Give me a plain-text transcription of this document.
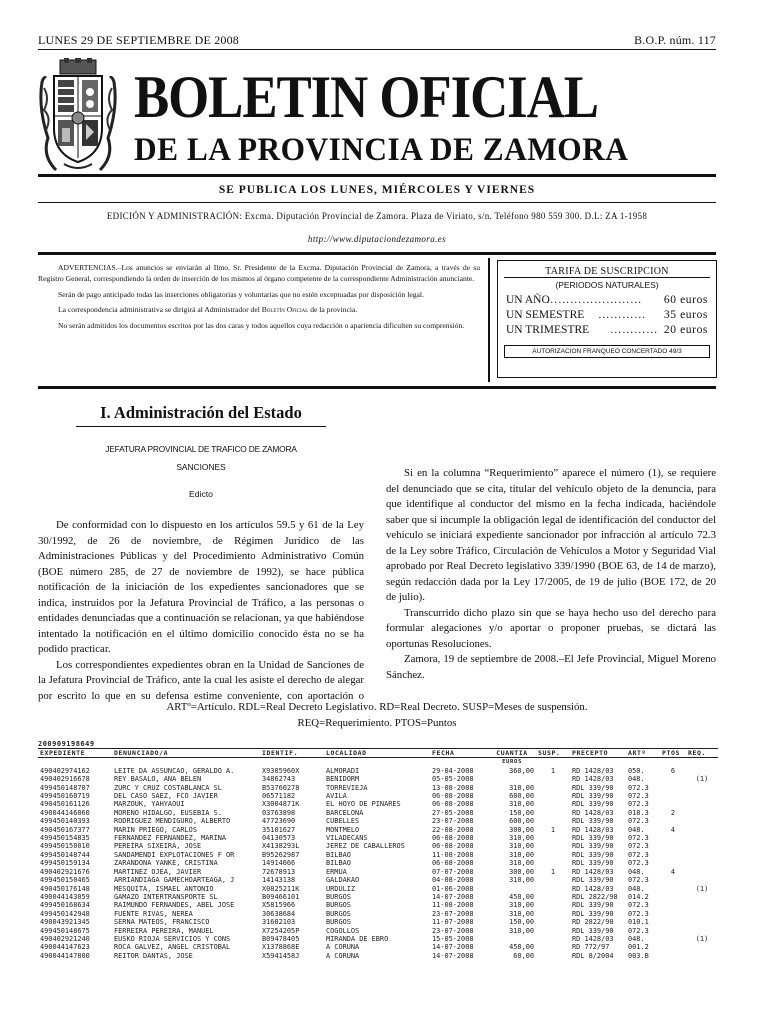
LUNES 29 DE SEPTIEMBRE DE 2008	B.O.P. núm. 117
BOLETIN OFICIAL
DE LA PROVINCIA DE ZAMORA
SE PUBLICA LOS LUNES, MIÉRCOLES Y VIERNES
EDICIÓN Y ADMINISTRACIÓN: Excma. Diputación Provincial de Zamora. Plaza de Viriato, s/n. Teléfono 980 559 300. D.L: ZA 1-1958
http://www.diputaciondezamora.es

ADVERTENCIAS.–Los anuncios se enviarán al Ilmo. Sr. Presidente de la Excma. Diputación Provincial de Zamora, a través de su Registro General, correspondiendo la orden de inserción de los mismos al órgano competente de la correspondiente Administración anunciante.

Serán de pago anticipado todas las inserciones obligatorias y voluntarias que no estén exceptuadas por disposición legal.

La correspondencia administrativa se dirigirá al Administrador del Boletín Oficial de la provincia.

No serán admitidos los documentos escritos por las dos caras y todos aquellos cuya redacción o apariencia dificulten su comprensión.

TARIFA DE SUSCRIPCION
(PERIODOS NATURALES)
UN AÑO
…………………… 60 euros
UN SEMESTRE ………… 35 euros
UN TRIMESTRE ………… 20 euros
AUTORIZACION FRANQUEO CONCERTADO 49/3
I. Administración del Estado
JEFATURA PROVINCIAL DE TRAFICO DE ZAMORA
SANCIONES
Edicto

De conformidad con lo dispuesto en los artículos 59.5 y 61 de la Ley 30/1992, de 26 de noviembre, de Régimen Jurídico de las Administraciones Públicas y del Procedimiento Administrativo Común (BOE número 285, de 27 de noviembre de 1992), se hace pública notificación de la iniciación de los expedientes sancionadores que se indica, instruidos por la Jefatura Provincial de Tráfico, a las personas o entidades denunciadas que a continuación se relacionan, ya que habiéndose intentado la notificación en el último domicilio conocido ésta no se ha podido practicar.

Los correspondientes expedientes obran en la Unidad de Sanciones de la Jefatura Provincial de Tráfico, ante la cual les asiste el derecho de alegar por escrito lo que en su defensa estime conveniente, con aportación o

Si en la columna “Requerimiento” aparece el número (1), se requiere del denunciado que se cita, titular del vehículo objeto de la denuncia, para que identifique al conductor del mismo en la fecha indicada, haciéndole saber que si incumple la obligación legal de identificación del conductor del vehículo se iniciará expediente sancionador por infracción al artículo 72.3 de la Ley sobre Tráfico, Circulación de Vehículos a Motor y Seguridad Vial aprobado por Real Decreto legislativo 339/1990 (BOE 63, de 14 de marzo), según redacción dada por la Ley 17/2005, de 19 de julio (BOE 172, de 20 de julio).

Transcurrido dicho plazo sin que se haya hecho uso del derecho para formular alegaciones y/o aportar o proponer pruebas, se dictará las oportunas Resoluciones.

Zamora, 19 de septiembre de 2008.–El Jefe Provincial, Miguel Moreno Sánchez.

ARTº=Artículo. RDL=Real Decreto Legislativo. RD=Real Decreto. SUSP=Meses de suspensión.
REQ=Requerimiento. PTOS=Puntos
200909198649
EXPEDIENTE	DENUNCIADO/A	IDENTIF.	LOCALIDAD	FECHA	CUANTIA	SUSP.	PRECEPTO	ARTº	PTOS	REQ.
					EUROS					
490402974162	LEITE DA ASSUNCAO, GERALDO A.	X9305960X	ALMORADI	29-04-2008	360,00	1	RD 1428/03	050.	6	
490402916678	REY BASALO, ANA BELEN	34862743	BENIDORM	05-05-2008			RD 1428/03	048.		(1)
499450148707	ZURC Y CRUZ COSTABLANCA SL	B53760278	TORREVIEJA	13-08-2008	310,00		RDL 339/90	072.3		
499450160719	DEL CASO SAEZ, FCO JAVIER	06571182	AVILA	06-08-2008	600,00		RDL 339/90	072.3		
490450161126	MARZOUK, YAHYAOUI	X3004871K	EL HOYO DE PINARES	06-08-2008	310,00		RDL 339/90	072.3		
490044146060	MORENO HIDALGO, EUSEBIA S.	03763898	BARCELONA	27-05-2008	150,00		RD 1428/03	018.3	2	
499450140393	RODRIGUEZ MENDIGURO, ALBERTO	47723690	CUBELLES	23-07-2008	600,00		RDL 339/90	072.3		
490450167377	MARIN PRIEGO, CARLOS	35101627	MONTMELO	22-08-2008	300,00	1	RD 1428/03	048.	4	
499450154835	FERNANDEZ FERNANDEZ, MARINA	04130573	VILADECANS	06-08-2008	310,00		RDL 339/90	072.3		
499450150010	PEREIRA SIXEIRA, JOSE	X4138293L	JEREZ DE CABALLEROS	06-08-2008	310,00		RDL 339/90	072.3		
499450148744	SANDAMENDI EXPLOTACIONES F OR	B95262987	BILBAO	11-08-2008	310,00		RDL 339/90	072.3		
499450159134	ZARANDONA YANKE, CRISTINA	14914666	BILBAO	06-08-2008	310,00		RDL 339/90	072.3		
490402921676	MARTINEZ OJEA, JAVIER	72678913	ERMUA	07-07-2008	300,00	1	RD 1428/03	048.	4	
499450150465	ARRIANDIAGA GAMECHOARTEAGA, J	14143138	GALDAKAO	04-08-2008	310,00		RDL 339/90	072.3		
490450176148	MESQUITA, ISMAEL ANTONIO	X0825211K	URDULIZ	01-06-2008			RD 1428/03	048.		(1)
490044143059	GAMAZO INTERTRANSPORTE SL	B09466101	BURGOS	14-07-2008	450,00		RDL 2822/98	014.2		
499450168634	RAIMUNDO FERNANDES, ABEL JOSE	X5815966	BURGOS	11-08-2008	310,00		RDL 339/90	072.3		
499450142948	FUENTE RIVAS, NEREA	30638684	BURGOS	23-07-2008	310,00		RDL 339/90	072.3		
490043921345	SERNA MATEOS, FRANCISCO	31602103	BURGOS	11-07-2008	150,00		RD 2822/98	010.1		
499450148675	FERREIRA PEREIRA, MANUEL	X7254205P	COGOLLOS	23-07-2008	310,00		RDL 339/90	072.3		
490402921240	EUSKO RIOJA SERVICIOS Y CONS	B09478405	MIRANDA DE EBRO	15-05-2008			RD 1428/03	048.		(1)
490044147623	ROCA GALVEZ, ANGEL CRISTOBAL	X1378868E	A CORUÑA	14-07-2008	450,00		RD 772/97	001.2		
490044147800	REITOR DANTAS, JOSE	X5941458J	A CORUÑA	14-07-2008	60,00		RDL 8/2004	003.B		
